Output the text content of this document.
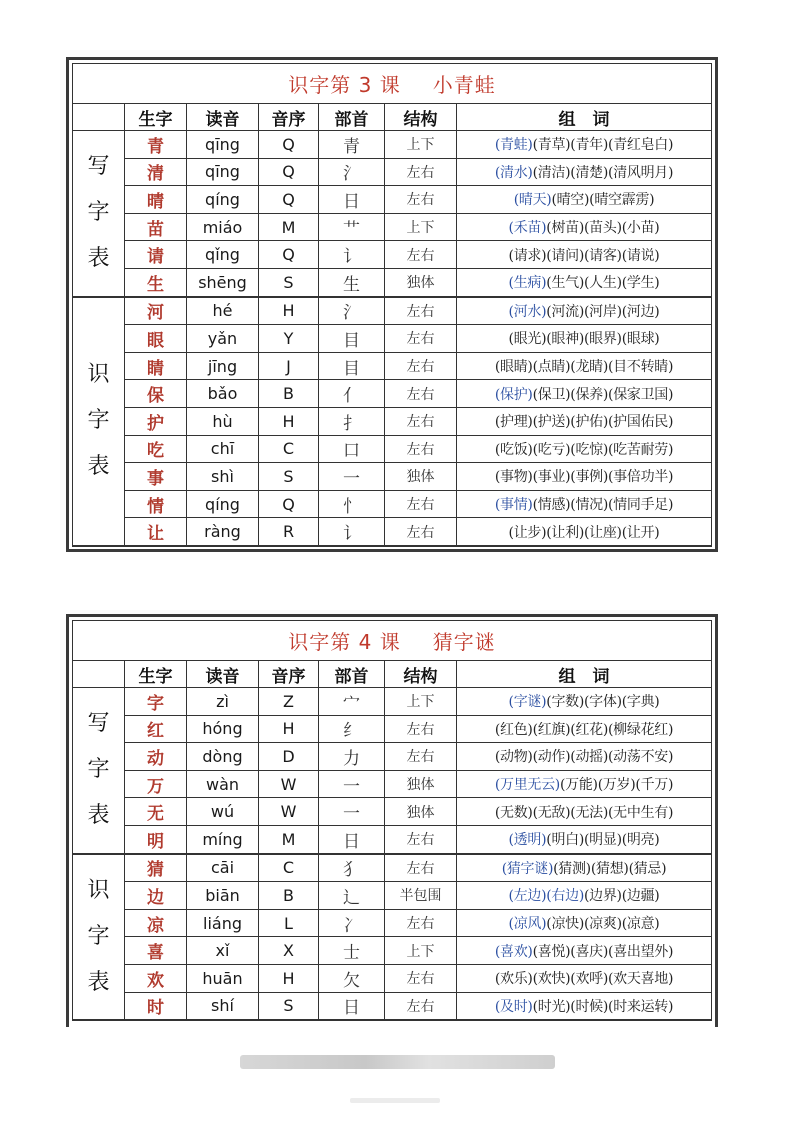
识字第 3 课 小青蛙						
	生字	读音	音序	部首	结构	组　词

写
字
表	青	qīng	Q	青	上下	(青蛙)(青草)(青年)(青红皂白)
	清	qīng	Q	氵	左右	(清水)(清洁)(清楚)(清风明月)
	晴	qíng	Q	日	左右	(晴天)(晴空)(晴空霹雳)
	苗	miáo	M	艹	上下	(禾苗)(树苗)(苗头)(小苗)
	请	qǐng	Q	讠	左右	(请求)(请问)(请客)(请说)
	生	shēng	S	生	独体	(生病)(生气)(人生)(学生)

识
字
表	河	hé	H	氵	左右	(河水)(河流)(河岸)(河边)
	眼	yǎn	Y	目	左右	(眼光)(眼神)(眼界)(眼球)
	睛	jīng	J	目	左右	(眼睛)(点睛)(龙睛)(目不转睛)
	保	bǎo	B	亻	左右	(保护)(保卫)(保养)(保家卫国)
	护	hù	H	扌	左右	(护理)(护送)(护佑)(护国佑民)
	吃	chī	C	口	左右	(吃饭)(吃亏)(吃惊)(吃苦耐劳)
	事	shì	S	一	独体	(事物)(事业)(事例)(事倍功半)
	情	qíng	Q	忄	左右	(事情)(情感)(情况)(情同手足)
	让	ràng	R	讠	左右	(让步)(让利)(让座)(让开)
识字第 4 课 猜字谜						
	生字	读音	音序	部首	结构	组　词

写
字
表	字	zì	Z	宀	上下	(字谜)(字数)(字体)(字典)
	红	hóng	H	纟	左右	(红色)(红旗)(红花)(柳绿花红)
	动	dòng	D	力	左右	(动物)(动作)(动摇)(动荡不安)
	万	wàn	W	一	独体	(万里无云)(万能)(万岁)(千万)
	无	wú	W	一	独体	(无数)(无敌)(无法)(无中生有)
	明	míng	M	日	左右	(透明)(明白)(明显)(明亮)

识
字
表	猜	cāi	C	犭	左右	(猜字谜)(猜测)(猜想)(猜忌)
	边	biān	B	辶	半包围	(左边)(右边)(边界)(边疆)
	凉	liáng	L	冫	左右	(凉风)(凉快)(凉爽)(凉意)
	喜	xǐ	X	士	上下	(喜欢)(喜悦)(喜庆)(喜出望外)
	欢	huān	H	欠	左右	(欢乐)(欢快)(欢呼)(欢天喜地)
	时	shí	S	日	左右	(及时)(时光)(时候)(时来运转)
